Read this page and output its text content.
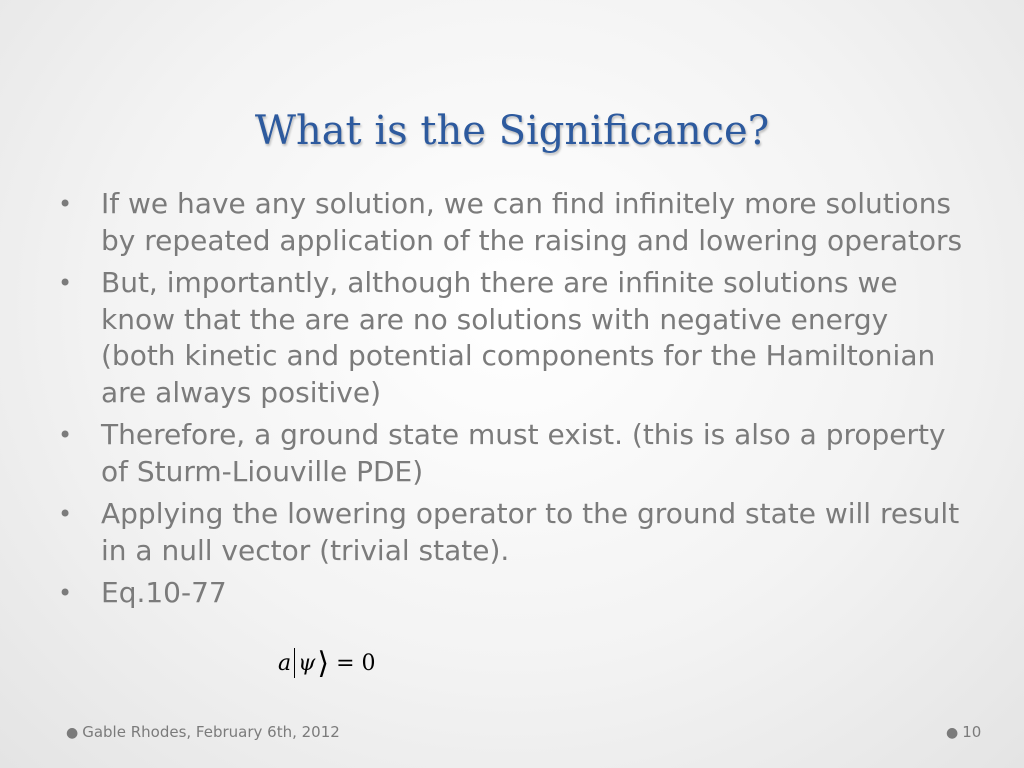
What is the Significance?
• If we have any solution, we can find infinitely more solutions by repeated application of the raising and lowering operators
• But, importantly, although there are infinite solutions we know that the are are no solutions with negative energy (both kinetic and potential components for the Hamiltonian are always positive)
• Therefore, a ground state must exist. (this is also a property of Sturm-Liouville PDE)
• Applying the lowering operator to the ground state will result in a null vector (trivial state).
• Eq.10-77
a ψ⟩ = 0
● Gable Rhodes, February 6th, 2012	● 10
